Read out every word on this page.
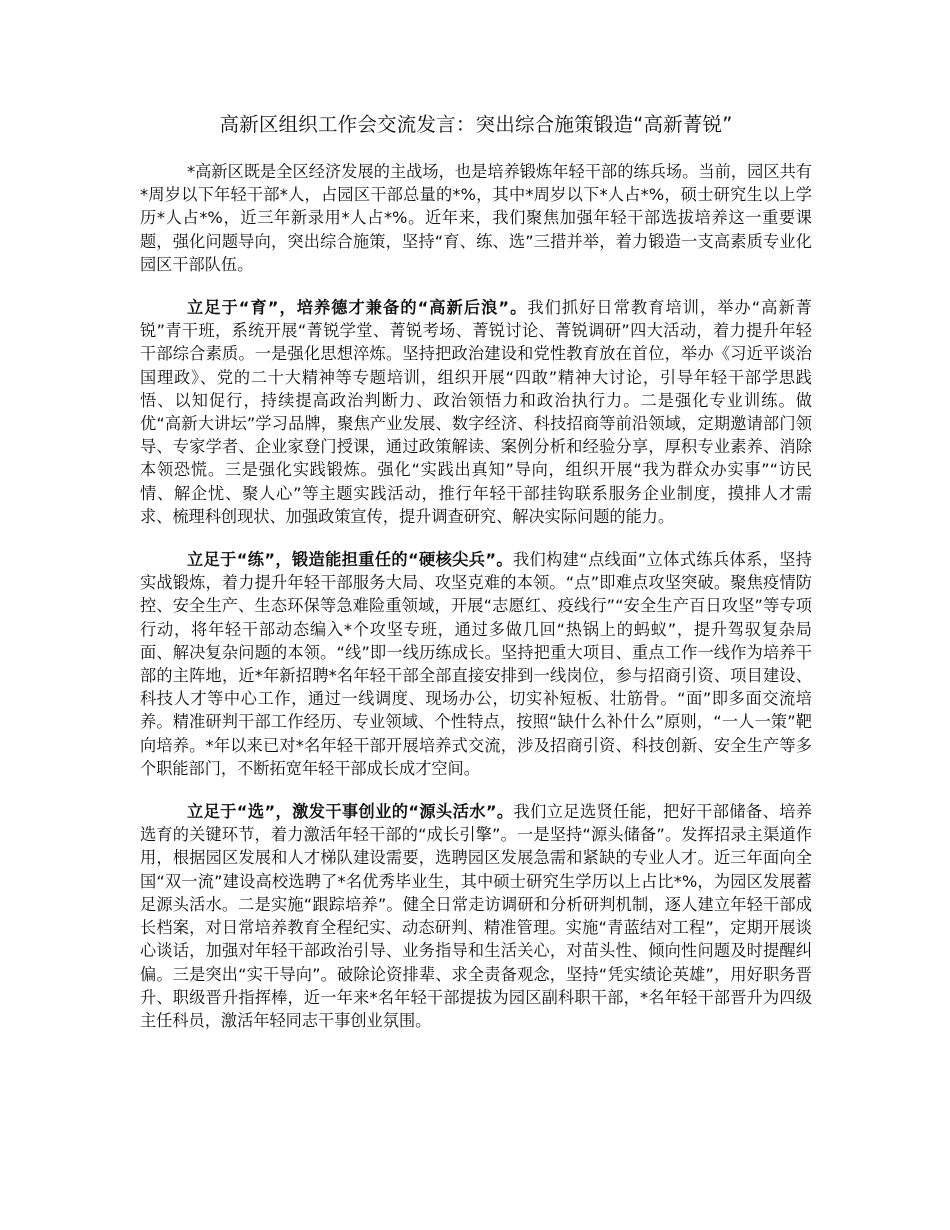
高新区组织工作会交流发言：突出综合施策锻造“高新菁锐”

*高新区既是全区经济发展的主战场，也是培养锻炼年轻干部的练兵场。当前，园区共有*周岁以下年轻干部*人，占园区干部总量的*%，其中*周岁以下*人占*%，硕士研究生以上学历*人占*%，近三年新录用*人占*%。近年来，我们聚焦加强年轻干部选拔培养这一重要课题，强化问题导向，突出综合施策，坚持“育、练、选”三措并举，着力锻造一支高素质专业化园区干部队伍。

立足于“育”，培养德才兼备的“高新后浪”。我们抓好日常教育培训，举办“高新菁锐”青干班，系统开展“菁锐学堂、菁锐考场、菁锐讨论、菁锐调研”四大活动，着力提升年轻干部综合素质。一是强化思想淬炼。坚持把政治建设和党性教育放在首位，举办《习近平谈治国理政》、党的二十大精神等专题培训，组织开展“四敢”精神大讨论，引导年轻干部学思践悟、以知促行，持续提高政治判断力、政治领悟力和政治执行力。二是强化专业训练。做优“高新大讲坛”学习品牌，聚焦产业发展、数字经济、科技招商等前沿领域，定期邀请部门领导、专家学者、企业家登门授课，通过政策解读、案例分析和经验分享，厚积专业素养、消除本领恐慌。三是强化实践锻炼。强化“实践出真知”导向，组织开展“我为群众办实事”“访民情、解企忧、聚人心”等主题实践活动，推行年轻干部挂钩联系服务企业制度，摸排人才需求、梳理科创现状、加强政策宣传，提升调查研究、解决实际问题的能力。

立足于“练”，锻造能担重任的“硬核尖兵”。我们构建“点线面”立体式练兵体系，坚持实战锻炼，着力提升年轻干部服务大局、攻坚克难的本领。“点”即难点攻坚突破。聚焦疫情防控、安全生产、生态环保等急难险重领域，开展“志愿红、疫线行”“安全生产百日攻坚”等专项行动，将年轻干部动态编入*个攻坚专班，通过多做几回“热锅上的蚂蚁”，提升驾驭复杂局面、解决复杂问题的本领。“线”即一线历练成长。坚持把重大项目、重点工作一线作为培养干部的主阵地，近*年新招聘*名年轻干部全部直接安排到一线岗位，参与招商引资、项目建设、科技人才等中心工作，通过一线调度、现场办公，切实补短板、壮筋骨。“面”即多面交流培养。精准研判干部工作经历、专业领域、个性特点，按照“缺什么补什么”原则，“一人一策”靶向培养。*年以来已对*名年轻干部开展培养式交流，涉及招商引资、科技创新、安全生产等多个职能部门，不断拓宽年轻干部成长成才空间。

立足于“选”，激发干事创业的“源头活水”。我们立足选贤任能，把好干部储备、培养选育的关键环节，着力激活年轻干部的“成长引擎”。一是坚持“源头储备”。发挥招录主渠道作用，根据园区发展和人才梯队建设需要，选聘园区发展急需和紧缺的专业人才。近三年面向全国“双一流”建设高校选聘了*名优秀毕业生，其中硕士研究生学历以上占比*%，为园区发展蓄足源头活水。二是实施“跟踪培养”。健全日常走访调研和分析研判机制，逐人建立年轻干部成长档案，对日常培养教育全程纪实、动态研判、精准管理。实施“青蓝结对工程”，定期开展谈心谈话，加强对年轻干部政治引导、业务指导和生活关心，对苗头性、倾向性问题及时提醒纠偏。三是突出“实干导向”。破除论资排辈、求全责备观念，坚持“凭实绩论英雄”，用好职务晋升、职级晋升指挥棒，近一年来*名年轻干部提拔为园区副科职干部，*名年轻干部晋升为四级主任科员，激活年轻同志干事创业氛围。
